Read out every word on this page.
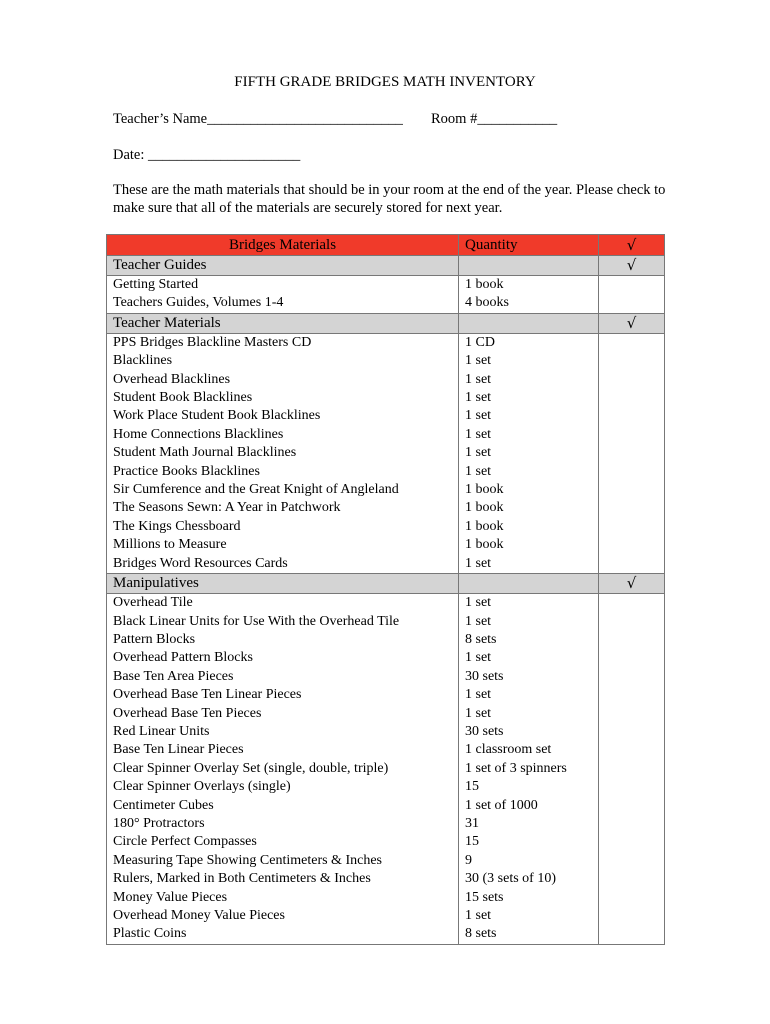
FIFTH GRADE BRIDGES MATH INVENTORY
Teacher’s Name___________________________ Room #___________
Date: _____________________
These are the math materials that should be in your room at the end of the year. Please check to make sure that all of the materials are securely stored for next year.
Bridges Materials	Quantity	√
Teacher Guides		√
Getting Started	1 book	
Teachers Guides, Volumes 1-4	4 books	
Teacher Materials		√
PPS Bridges Blackline Masters CD	1 CD	
Blacklines	1 set	
Overhead Blacklines	1 set	
Student Book Blacklines	1 set	
Work Place Student Book Blacklines	1 set	
Home Connections Blacklines	1 set	
Student Math Journal Blacklines	1 set	
Practice Books Blacklines	1 set	
Sir Cumference and the Great Knight of Angleland	1 book	
The Seasons Sewn: A Year in Patchwork	1 book	
The Kings Chessboard	1 book	
Millions to Measure	1 book	
Bridges Word Resources Cards	1 set	
Manipulatives		√
Overhead Tile	1 set	
Black Linear Units for Use With the Overhead Tile	1 set	
Pattern Blocks	8 sets	
Overhead Pattern Blocks	1 set	
Base Ten Area Pieces	30 sets	
Overhead Base Ten Linear Pieces	1 set	
Overhead Base Ten Pieces	1 set	
Red Linear Units	30 sets	
Base Ten Linear Pieces	1 classroom set	
Clear Spinner Overlay Set (single, double, triple)	1 set of 3 spinners	
Clear Spinner Overlays (single)	15	
Centimeter Cubes	1 set of 1000	
180° Protractors	31	
Circle Perfect Compasses	15	
Measuring Tape Showing Centimeters & Inches	9	
Rulers, Marked in Both Centimeters & Inches	30 (3 sets of 10)	
Money Value Pieces	15 sets	
Overhead Money Value Pieces	1 set	
Plastic Coins	8 sets	
